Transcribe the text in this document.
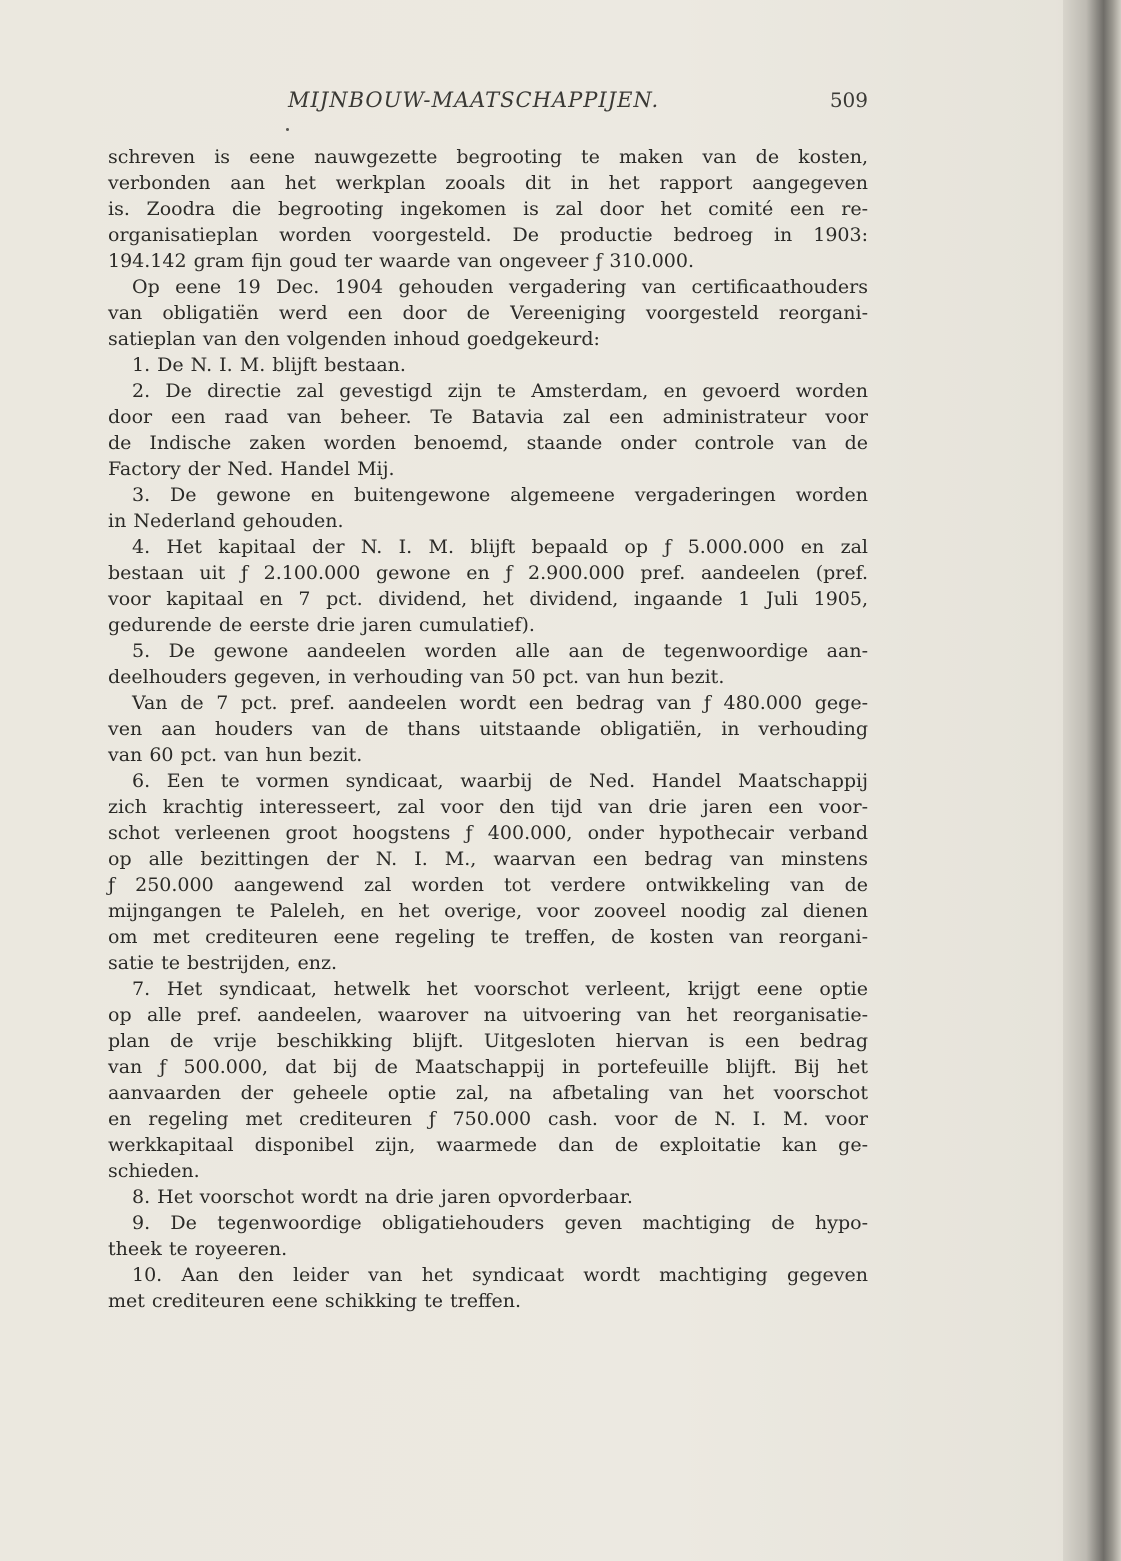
MIJNBOUW-MAATSCHAPPIJEN.	509

schreven is eene nauwgezette begrooting te maken van de kosten,
verbonden aan het werkplan zooals dit in het rapport aangegeven
is. Zoodra die begrooting ingekomen is zal door het comité een re-
organisatieplan worden voorgesteld. De productie bedroeg in 1903:
194.142 gram fijn goud ter waarde van ongeveer ƒ 310.000.

Op eene 19 Dec. 1904 gehouden vergadering van certificaathouders
van obligatiën werd een door de Vereeniging voorgesteld reorgani-
satieplan van den volgenden inhoud goedgekeurd:

1. De N. I. M. blijft bestaan.

2. De directie zal gevestigd zijn te Amsterdam, en gevoerd worden
door een raad van beheer. Te Batavia zal een administrateur voor
de Indische zaken worden benoemd, staande onder controle van de
Factory der Ned. Handel Mij.

3. De gewone en buitengewone algemeene vergaderingen worden
in Nederland gehouden.

4. Het kapitaal der N. I. M. blijft bepaald op ƒ 5.000.000 en zal
bestaan uit ƒ 2.100.000 gewone en ƒ 2.900.000 pref. aandeelen (pref.
voor kapitaal en 7 pct. dividend, het dividend, ingaande 1 Juli 1905,
gedurende de eerste drie jaren cumulatief).

5. De gewone aandeelen worden alle aan de tegenwoordige aan-
deelhouders gegeven, in verhouding van 50 pct. van hun bezit.

Van de 7 pct. pref. aandeelen wordt een bedrag van ƒ 480.000 gege-
ven aan houders van de thans uitstaande obligatiën, in verhouding
van 60 pct. van hun bezit.

6. Een te vormen syndicaat, waarbij de Ned. Handel Maatschappij
zich krachtig interesseert, zal voor den tijd van drie jaren een voor-
schot verleenen groot hoogstens ƒ 400.000, onder hypothecair verband
op alle bezittingen der N. I. M., waarvan een bedrag van minstens
ƒ 250.000 aangewend zal worden tot verdere ontwikkeling van de
mijngangen te Paleleh, en het overige, voor zooveel noodig zal dienen
om met crediteuren eene regeling te treffen, de kosten van reorgani-
satie te bestrijden, enz.

7. Het syndicaat, hetwelk het voorschot verleent, krijgt eene optie
op alle pref. aandeelen, waarover na uitvoering van het reorganisatie-
plan de vrije beschikking blijft. Uitgesloten hiervan is een bedrag
van ƒ 500.000, dat bij de Maatschappij in portefeuille blijft. Bij het
aanvaarden der geheele optie zal, na afbetaling van het voorschot
en regeling met crediteuren ƒ 750.000 cash. voor de N. I. M. voor
werkkapitaal disponibel zijn, waarmede dan de exploitatie kan ge-
schieden.

8. Het voorschot wordt na drie jaren opvorderbaar.

9. De tegenwoordige obligatiehouders geven machtiging de hypo-
theek te royeeren.

10. Aan den leider van het syndicaat wordt machtiging gegeven
met crediteuren eene schikking te treffen.
